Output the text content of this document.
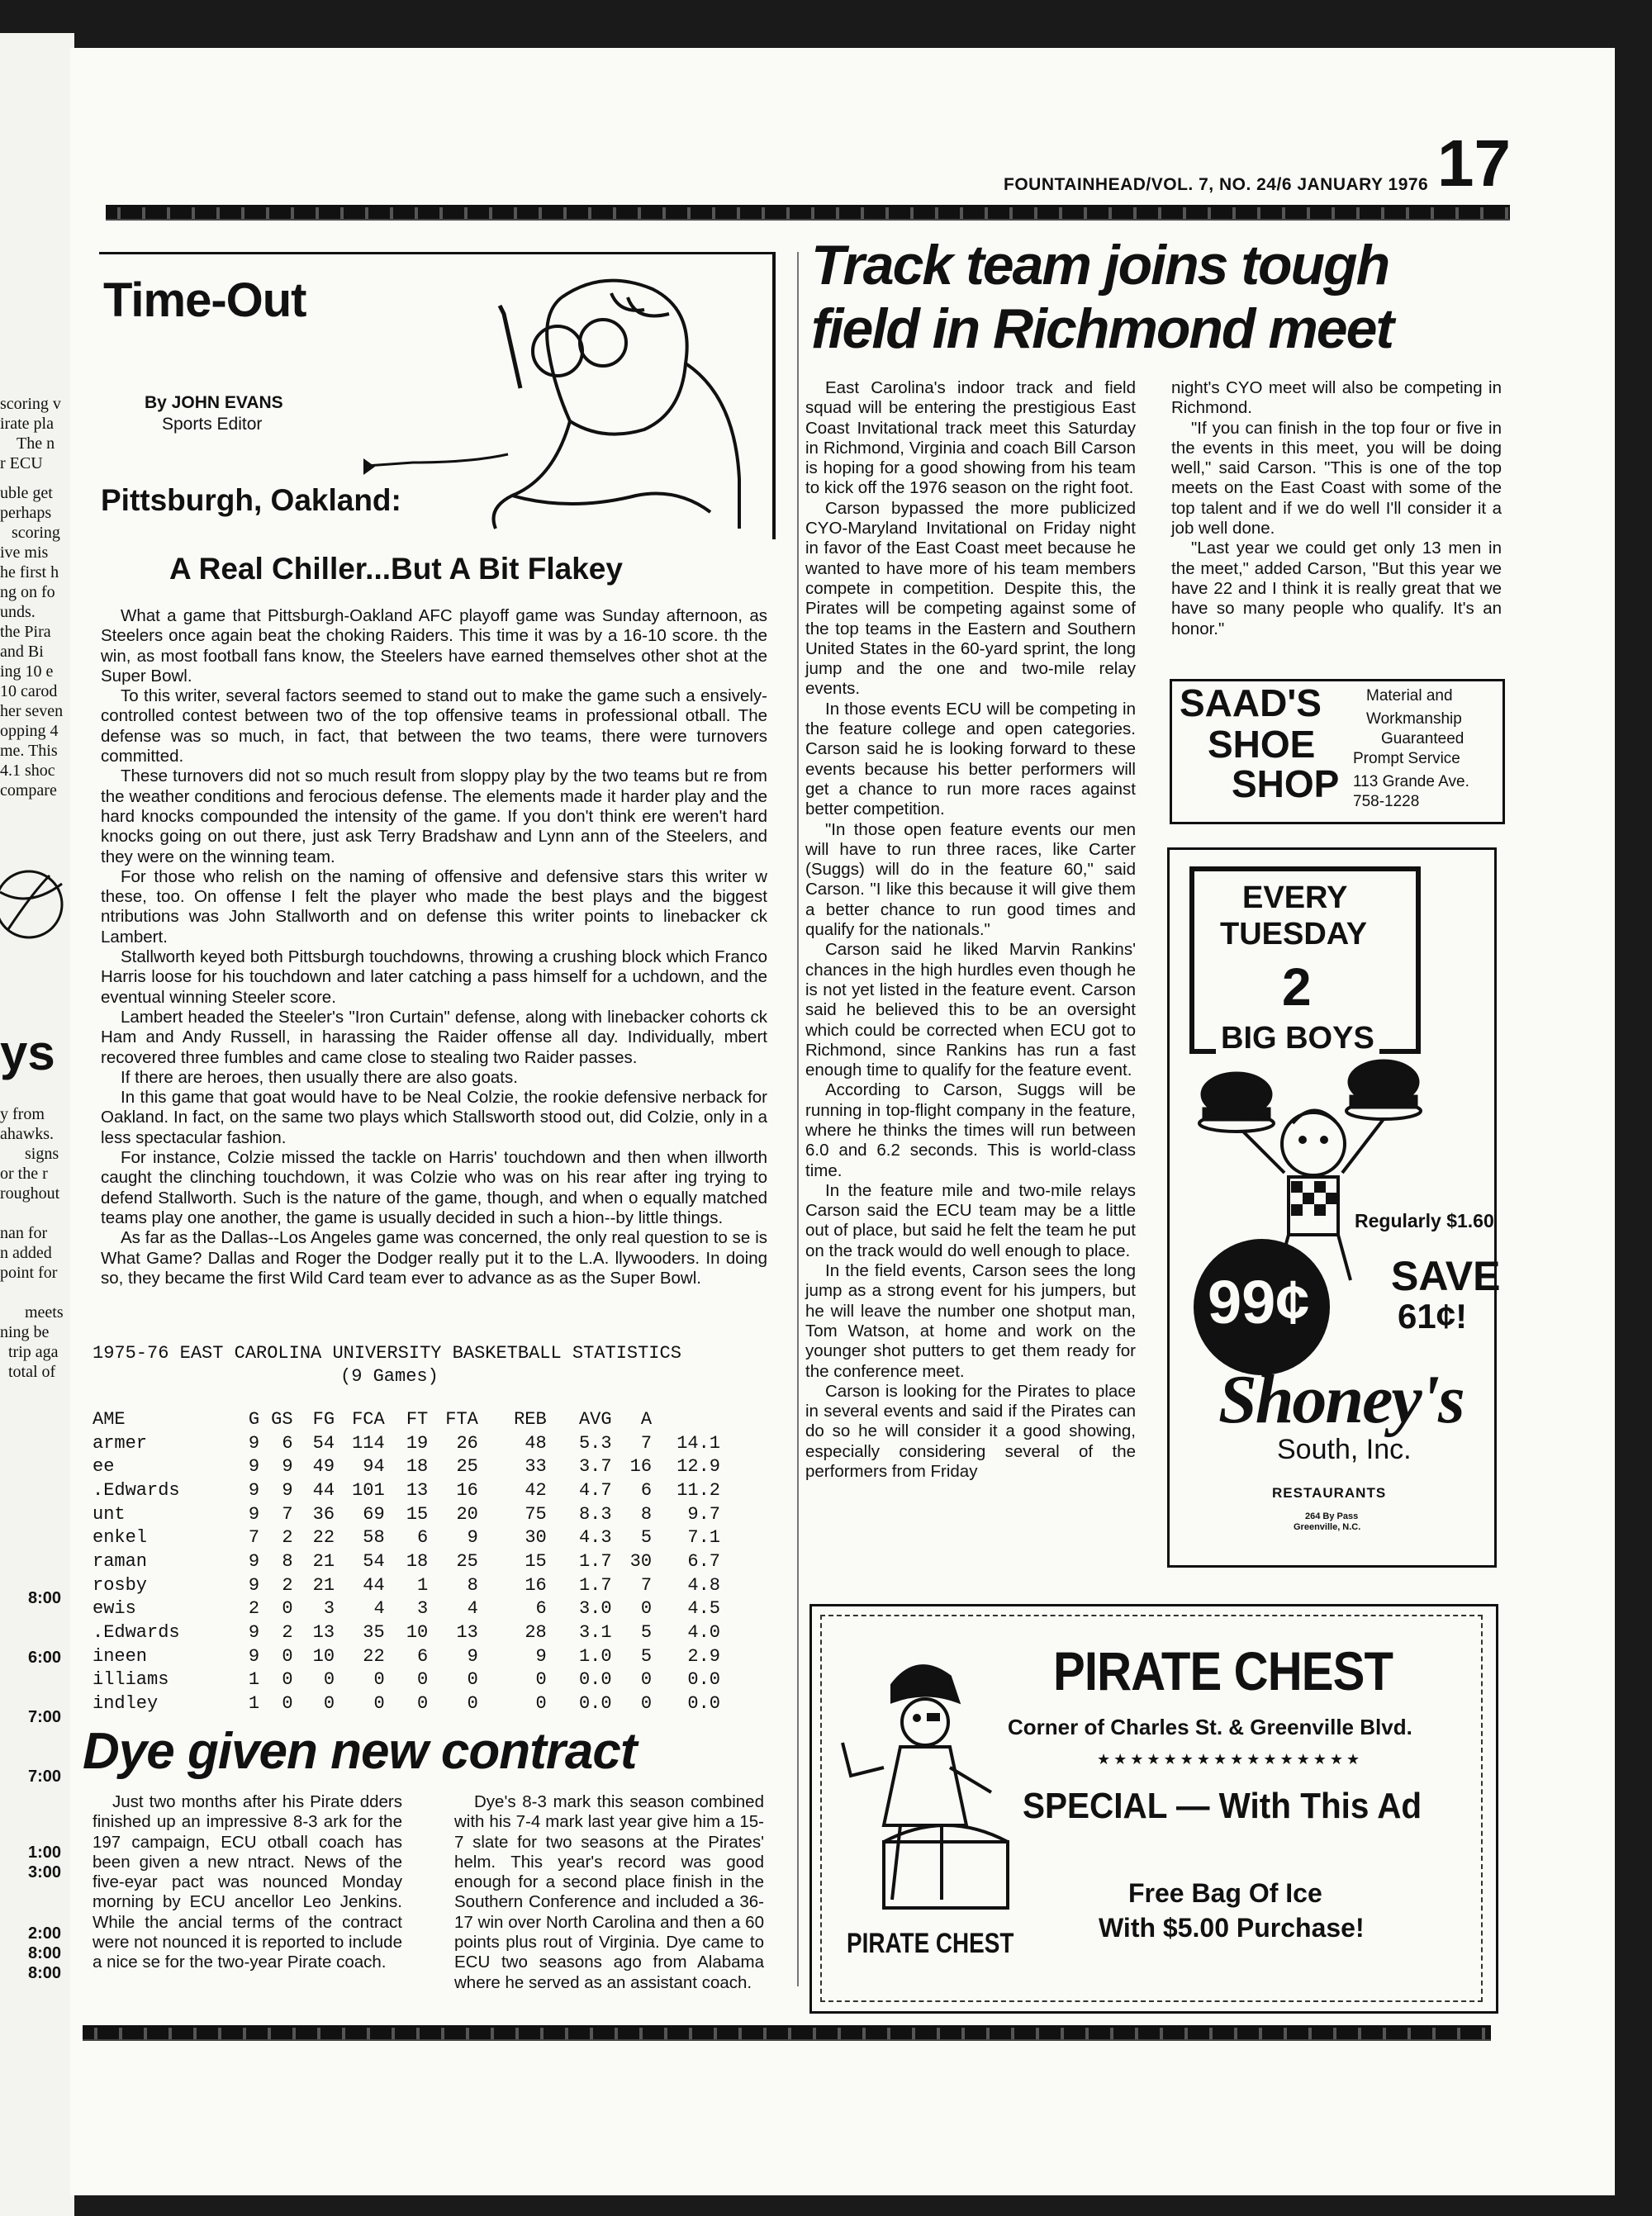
scoring v
irate pla
The n
r ECU
uble get
perhaps
scoring
ive mis
he first h
ng on fo
unds.
the Pira
and Bi
ing 10 e
10 carod
her seven
opping 4
me. This
4.1 shoc
compare
ys
y from
ahawks.
signs
or the r
roughout
nan for
n added
point for
meets
ning be
trip aga
total of
8:00
6:00
7:00
7:00
1:00
3:00
2:00
8:00
8:00
FOUNTAINHEAD/VOL. 7, NO. 24/6 JANUARY 1976 17
Time-Out
By JOHN EVANS
Sports Editor
Pittsburgh, Oakland:
A Real Chiller...But A Bit Flakey

What a game that Pittsburgh-Oakland AFC playoff game was Sunday afternoon, as Steelers once again beat the choking Raiders. This time it was by a 16-10 score. th the win, as most football fans know, the Steelers have earned themselves other shot at the Super Bowl.

To this writer, several factors seemed to stand out to make the game such a ensively-controlled contest between two of the top offensive teams in professional otball. The defense was so much, in fact, that between the two teams, there were turnovers committed.

These turnovers did not so much result from sloppy play by the two teams but re from the weather conditions and ferocious defense. The elements made it harder play and the hard knocks compounded the intensity of the game. If you don't think ere weren't hard knocks going on out there, just ask Terry Bradshaw and Lynn ann of the Steelers, and they were on the winning team.

For those who relish on the naming of offensive and defensive stars this writer w these, too. On offense I felt the player who made the best plays and the biggest ntributions was John Stallworth and on defense this writer points to linebacker ck Lambert.

Stallworth keyed both Pittsburgh touchdowns, throwing a crushing block which Franco Harris loose for his touchdown and later catching a pass himself for a uchdown, and the eventual winning Steeler score.

Lambert headed the Steeler's "Iron Curtain" defense, along with linebacker cohorts ck Ham and Andy Russell, in harassing the Raider offense all day. Individually, mbert recovered three fumbles and came close to stealing two Raider passes.

If there are heroes, then usually there are also goats.

In this game that goat would have to be Neal Colzie, the rookie defensive nerback for Oakland. In fact, on the same two plays which Stallsworth stood out, did Colzie, only in a less spectacular fashion.

For instance, Colzie missed the tackle on Harris' touchdown and then when illworth caught the clinching touchdown, it was Colzie who was on his rear after ing trying to defend Stallworth. Such is the nature of the game, though, and when o equally matched teams play one another, the game is usually decided in such a hion--by little things.

As far as the Dallas--Los Angeles game was concerned, the only real question to se is What Game? Dallas and Roger the Dodger really put it to the L.A. llywooders. In doing so, they became the first Wild Card team ever to advance as as the Super Bowl.

1975-76 EAST CAROLINA UNIVERSITY BASKETBALL STATISTICS
(9 Games)
AME	G	GS	FG	FCA	FT	FTA	REB	AVG	A	
armer	9	6	54	114	19	26	48	5.3	7	14.1
ee	9	9	49	94	18	25	33	3.7	16	12.9
.Edwards	9	9	44	101	13	16	42	4.7	6	11.2
unt	9	7	36	69	15	20	75	8.3	8	9.7
enkel	7	2	22	58	6	9	30	4.3	5	7.1
raman	9	8	21	54	18	25	15	1.7	30	6.7
rosby	9	2	21	44	1	8	16	1.7	7	4.8
ewis	2	0	3	4	3	4	6	3.0	0	4.5
.Edwards	9	2	13	35	10	13	28	3.1	5	4.0
ineen	9	0	10	22	6	9	9	1.0	5	2.9
illiams	1	0	0	0	0	0	0	0.0	0	0.0
indley	1	0	0	0	0	0	0	0.0	0	0.0
Dye given new contract

Just two months after his Pirate dders finished up an impressive 8-3 ark for the 197 campaign, ECU otball coach has been given a new ntract. News of the five-eyar pact was nounced Monday morning by ECU ancellor Leo Jenkins. While the ancial terms of the contract were not nounced it is reported to include a nice se for the two-year Pirate coach.

Dye's 8-3 mark this season combined with his 7-4 mark last year give him a 15-7 slate for two seasons at the Pirates' helm. This year's record was good enough for a second place finish in the Southern Conference and included a 36-17 win over North Carolina and then a 60 points plus rout of Virginia. Dye came to ECU two seasons ago from Alabama where he served as an assistant coach.

Track team joins tough
field in Richmond meet

East Carolina's indoor track and field squad will be entering the prestigious East Coast Invitational track meet this Saturday in Richmond, Virginia and coach Bill Carson is hoping for a good showing from his team to kick off the 1976 season on the right foot.

Carson bypassed the more publicized CYO-Maryland Invitational on Friday night in favor of the East Coast meet because he wanted to have more of his team members compete in competition. Despite this, the Pirates will be competing against some of the top teams in the Eastern and Southern United States in the 60-yard sprint, the long jump and the one and two-mile relay events.

In those events ECU will be competing in the feature college and open categories. Carson said he is looking forward to these events because his better performers will get a chance to run more races against better competition.

"In those open feature events our men will have to run three races, like Carter (Suggs) will do in the feature 60," said Carson. "I like this because it will give them a better chance to run good times and qualify for the nationals."

Carson said he liked Marvin Rankins' chances in the high hurdles even though he is not yet listed in the feature event. Carson said he believed this to be an oversight which could be corrected when ECU got to Richmond, since Rankins has run a fast enough time to qualify for the feature event.

According to Carson, Suggs will be running in top-flight company in the feature, where he thinks the times will run between 6.0 and 6.2 seconds. This is world-class time.

In the feature mile and two-mile relays Carson said the ECU team may be a little out of place, but said he felt the team he put on the track would do well enough to place.

In the field events, Carson sees the long jump as a strong event for his jumpers, but he will leave the number one shotput man, Tom Watson, at home and work on the younger shot putters to get them ready for the conference meet.

Carson is looking for the Pirates to place in several events and said if the Pirates can do so he will consider it a good showing, especially considering several of the performers from Friday

night's CYO meet will also be competing in Richmond.

"If you can finish in the top four or five in the events in this meet, you will be doing well," said Carson. "This is one of the top meets on the East Coast with some of the top talent and if we do well I'll consider it a job well done.

"Last year we could get only 13 men in the meet," added Carson, "But this year we have 22 and I think it is really great that we have so many people who qualify. It's an honor."

SAAD'S
SHOE
SHOP
Material and
Workmanship
Guaranteed
Prompt Service
113 Grande Ave.
758-1228
EVERY
TUESDAY
2
BIG BOYS
Regularly $1.60
99¢ SAVE
61¢!
Shoney's
South, Inc.
RESTAURANTS
264 By Pass
Greenville, N.C.
PIRATE CHEST
Corner of Charles St. & Greenville Blvd.
★★★★★★★★★★★★★★★★
SPECIAL — With This Ad
Free Bag Of Ice
With $5.00 Purchase!
PIRATE CHEST
